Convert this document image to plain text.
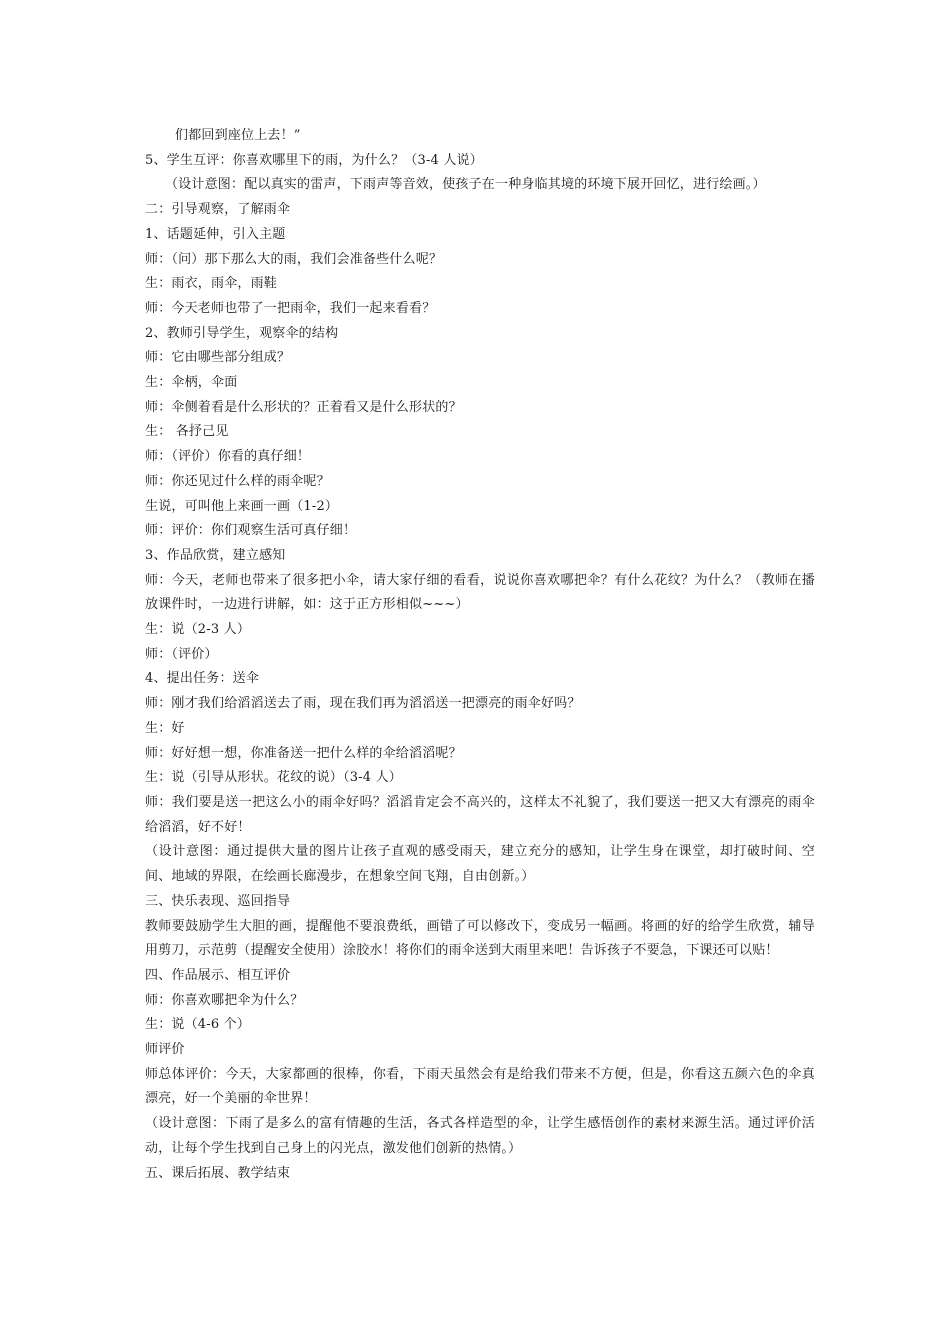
们都回到座位上去！”
5、学生互评：你喜欢哪里下的雨，为什么？（3-4 人说）
（设计意图：配以真实的雷声，下雨声等音效，使孩子在一种身临其境的环境下展开回忆，进行绘画。）
二：引导观察，了解雨伞
1、话题延伸，引入主题
师：（问）那下那么大的雨，我们会准备些什么呢？
生：雨衣，雨伞，雨鞋
师：今天老师也带了一把雨伞，我们一起来看看？
2、教师引导学生，观察伞的结构
师：它由哪些部分组成？
生：伞柄，伞面
师：伞侧着看是什么形状的？正着看又是什么形状的？
生： 各抒己见
师：（评价）你看的真仔细！
师：你还见过什么样的雨伞呢？
生说，可叫他上来画一画（1-2）
师：评价：你们观察生活可真仔细！
3、作品欣赏，建立感知
师：今天，老师也带来了很多把小伞，请大家仔细的看看，说说你喜欢哪把伞？有什么花纹？为什么？（教师在播放课件时，一边进行讲解，如：这于正方形相似~~~）
生：说（2-3 人）
师：（评价）
4、提出任务：送伞
师：刚才我们给滔滔送去了雨，现在我们再为滔滔送一把漂亮的雨伞好吗？
生：好
师：好好想一想，你准备送一把什么样的伞给滔滔呢？
生：说（引导从形状。花纹的说）（3-4 人）
师：我们要是送一把这么小的雨伞好吗？滔滔肯定会不高兴的，这样太不礼貌了，我们要送一把又大有漂亮的雨伞给滔滔，好不好！
（设计意图：通过提供大量的图片让孩子直观的感受雨天，建立充分的感知，让学生身在课堂，却打破时间、空间、地域的界限，在绘画长廊漫步，在想象空间飞翔，自由创新。）
三、快乐表现、巡回指导
教师要鼓励学生大胆的画，提醒他不要浪费纸，画错了可以修改下，变成另一幅画。将画的好的给学生欣赏，辅导用剪刀，示范剪（提醒安全使用）涂胶水！将你们的雨伞送到大雨里来吧！告诉孩子不要急，下课还可以贴！
四、作品展示、相互评价
师：你喜欢哪把伞为什么？
生：说（4-6 个）
师评价
师总体评价：今天，大家都画的很棒，你看，下雨天虽然会有是给我们带来不方便，但是，你看这五颜六色的伞真漂亮，好一个美丽的伞世界！
（设计意图：下雨了是多么的富有情趣的生活，各式各样造型的伞，让学生感悟创作的素材来源生活。通过评价活动，让每个学生找到自己身上的闪光点，激发他们创新的热情。）
五、课后拓展、教学结束
